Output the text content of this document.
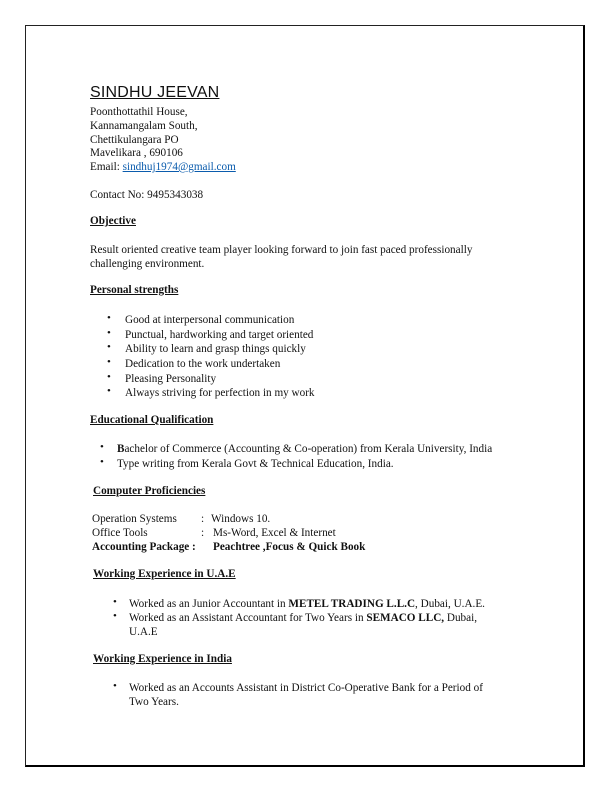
SINDHU JEEVAN
Poonthottathil House,
Kannamangalam South,
Chettikulangara PO
Mavelikara , 690106
Email: sindhuj1974@gmail.com
Contact No: 9495343038
Objective
Result oriented creative team player looking forward to join fast paced professionally
challenging environment.
Personal strengths
• Good at interpersonal communication
• Punctual, hardworking and target oriented
• Ability to learn and grasp things quickly
• Dedication to the work undertaken
• Pleasing Personality
• Always striving for perfection in my work
Educational Qualification
• Bachelor of Commerce (Accounting & Co-operation) from Kerala University, India
• Type writing from Kerala Govt & Technical Education, India.
Computer Proficiencies
Operation Systems : Windows 10.
Office Tools	: Ms-Word, Excel & Internet
Accounting Package : Peachtree ,Focus & Quick Book
Working Experience in U.A.E
• Worked as an Junior Accountant in METEL TRADING L.L.C, Dubai, U.A.E.
• Worked as an Assistant Accountant for Two Years in SEMACO LLC, Dubai,
U.A.E
Working Experience in India
• Worked as an Accounts Assistant in District Co-Operative Bank for a Period of
Two Years.
